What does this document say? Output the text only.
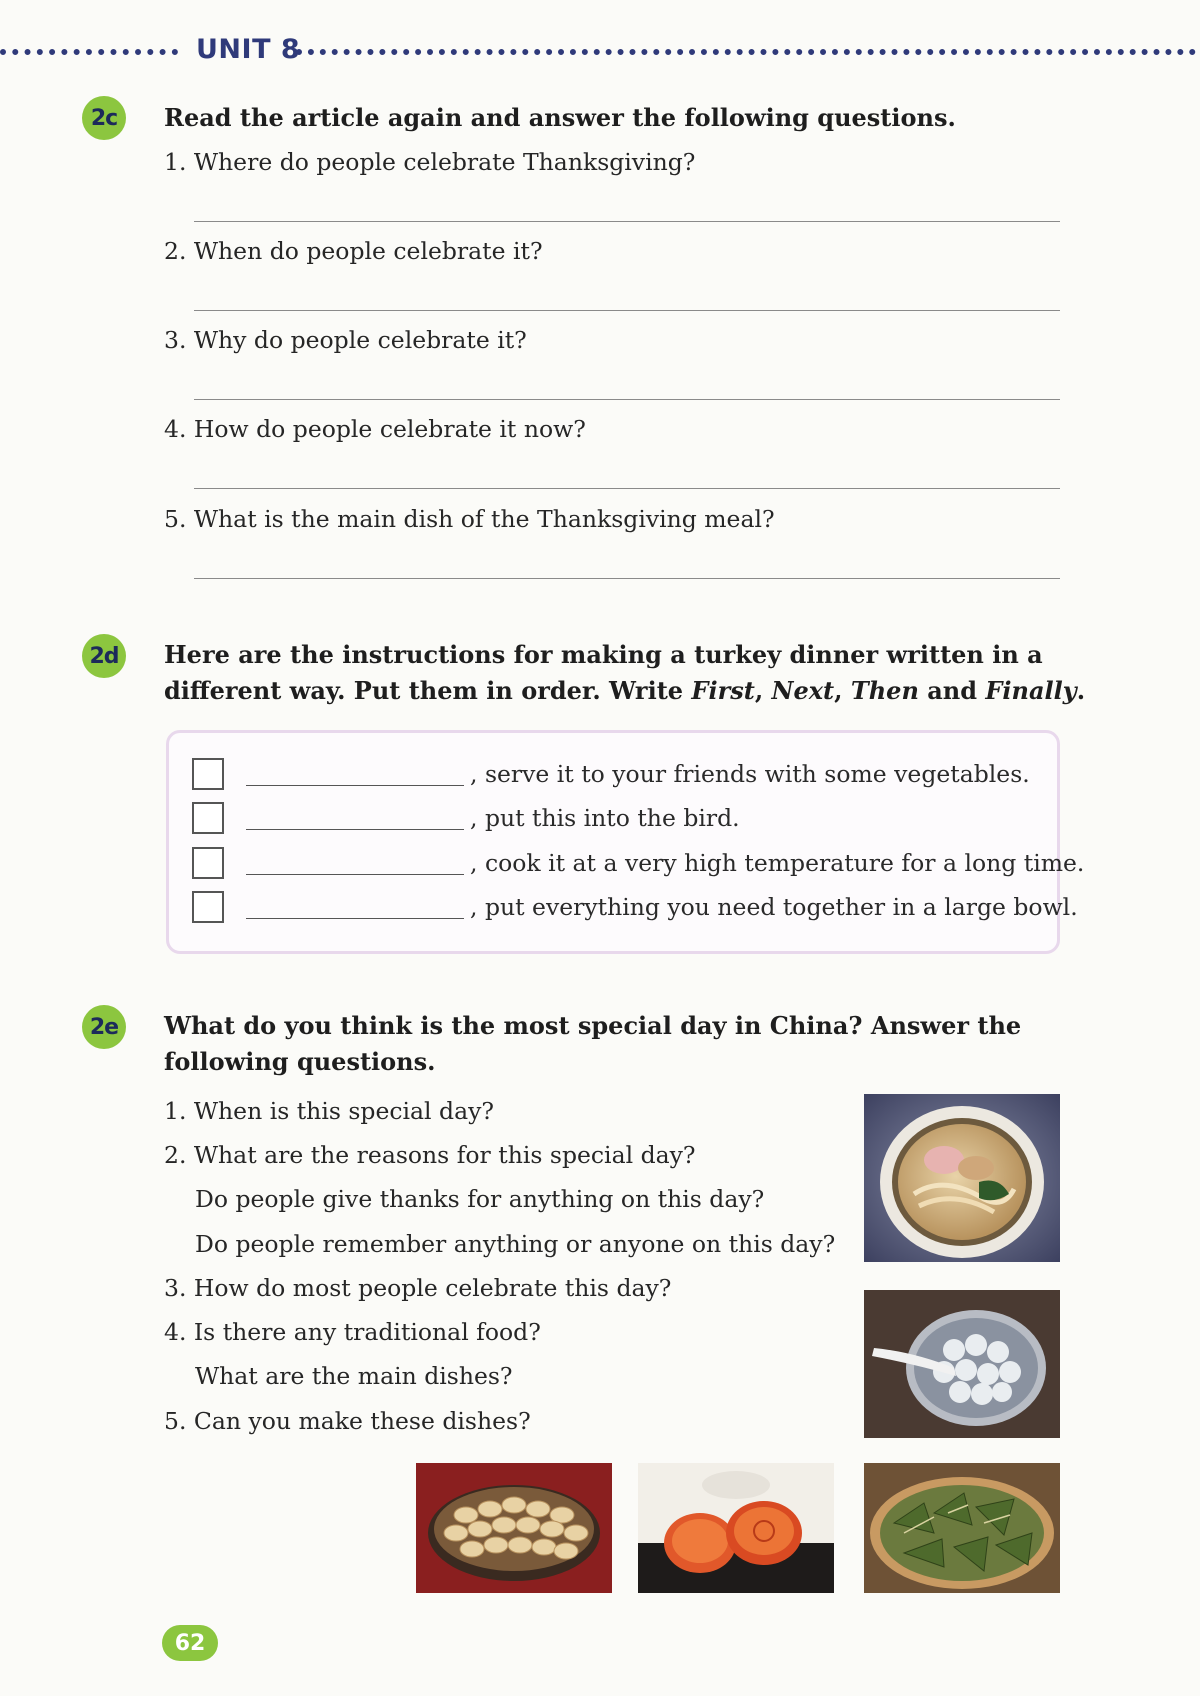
UNIT 8
2c	Read the article again and answer the following questions.
1. Where do people celebrate Thanksgiving?
2. When do people celebrate it?
3. Why do people celebrate it?
4. How do people celebrate it now?
5. What is the main dish of the Thanksgiving meal?
2d	Here are the instructions for making a turkey dinner written in a
different way. Put them in order. Write First, Next, Then and Finally.
, serve it to your friends with some vegetables.
, put this into the bird.
, cook it at a very high temperature for a long time.
, put everything you need together in a large bowl.
2e	What do you think is the most special day in China? Answer the
following questions.
1. When is this special day?
2. What are the reasons for this special day?
Do people give thanks for anything on this day?
Do people remember anything or anyone on this day?
3. How do most people celebrate this day?
4. Is there any traditional food?
What are the main dishes?
5. Can you make these dishes?
62
